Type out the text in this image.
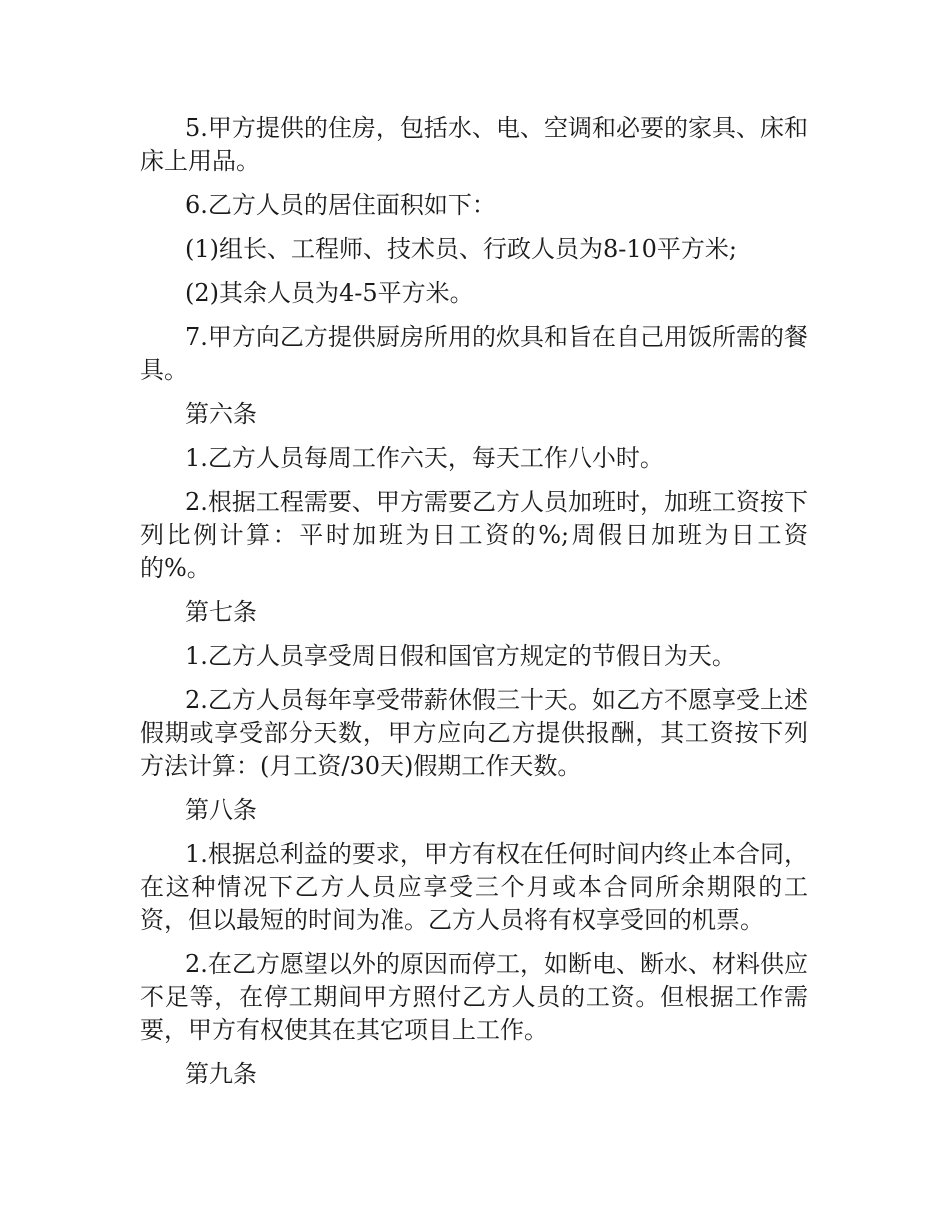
5.甲方提供的住房，包括水、电、空调和必要的家具、床和床上用品。

6.乙方人员的居住面积如下：

(1)组长、工程师、技术员、行政人员为8-10平方米;

(2)其余人员为4-5平方米。

7.甲方向乙方提供厨房所用的炊具和旨在自己用饭所需的餐具。

第六条

1.乙方人员每周工作六天，每天工作八小时。

2.根据工程需要、甲方需要乙方人员加班时，加班工资按下列比例计算：平时加班为日工资的%;周假日加班为日工资的%。

第七条

1.乙方人员享受周日假和国官方规定的节假日为天。

2.乙方人员每年享受带薪休假三十天。如乙方不愿享受上述假期或享受部分天数，甲方应向乙方提供报酬，其工资按下列方法计算：(月工资/30天)假期工作天数。

第八条

1.根据总利益的要求，甲方有权在任何时间内终止本合同，在这种情况下乙方人员应享受三个月或本合同所余期限的工资，但以最短的时间为准。乙方人员将有权享受回的机票。

2.在乙方愿望以外的原因而停工，如断电、断水、材料供应不足等，在停工期间甲方照付乙方人员的工资。但根据工作需要，甲方有权使其在其它项目上工作。

第九条
